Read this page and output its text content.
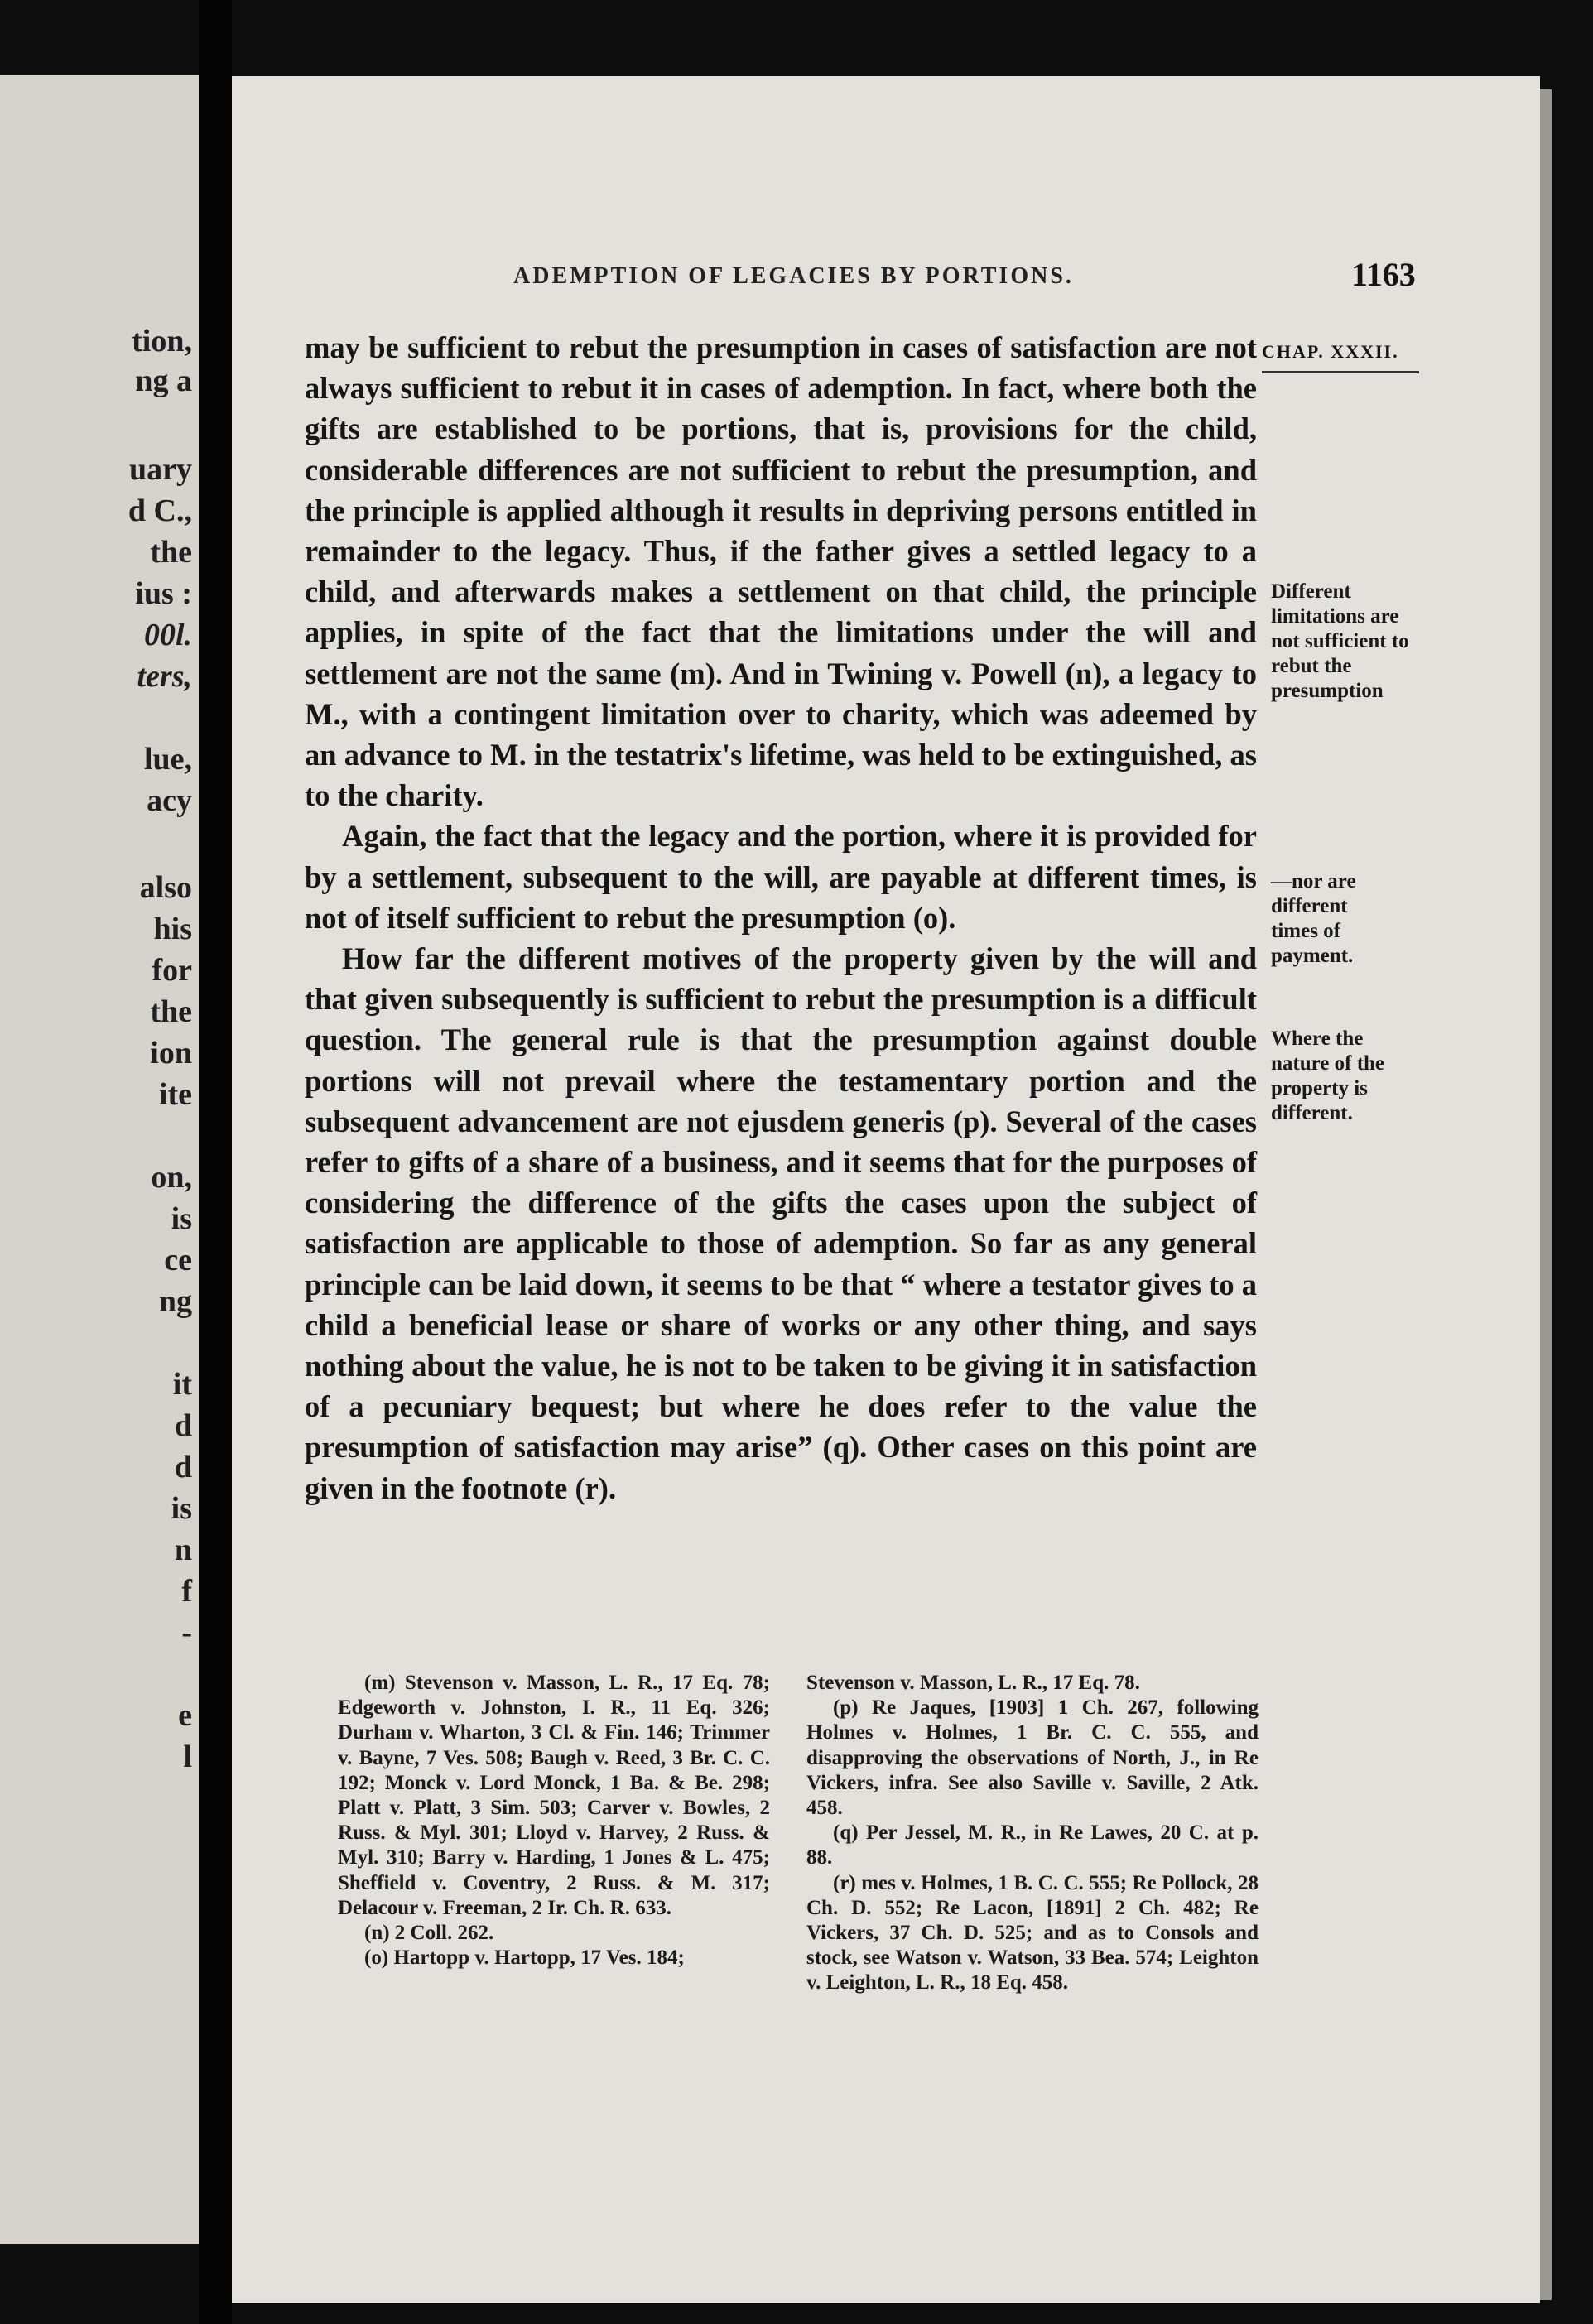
tion,
ng a
uary
d C.,
the
ius :
00l.
ters,
lue,
acy
also
his
for
the
ion
ite
on,
is
ce
ng
it
d
d
is
n
f
-
e
l
ADEMPTION OF LEGACIES BY PORTIONS.	1163
CHAP. XXXII.

may be sufficient to rebut the presumption in cases of satisfaction are not always sufficient to rebut it in cases of ademption. In fact, where both the gifts are established to be portions, that is, provisions for the child, considerable differences are not sufficient to rebut the presumption, and the principle is applied although it results in depriving persons entitled in remainder to the legacy. Thus, if the father gives a settled legacy to a child, and afterwards makes a settlement on that child, the principle applies, in spite of the fact that the limitations under the will and settlement are not the same (m). And in Twining v. Powell (n), a legacy to M., with a contingent limitation over to charity, which was adeemed by an advance to M. in the testatrix's lifetime, was held to be extinguished, as to the charity.

Again, the fact that the legacy and the portion, where it is provided for by a settlement, subsequent to the will, are payable at different times, is not of itself sufficient to rebut the presumption (o).

How far the different motives of the property given by the will and that given subsequently is sufficient to rebut the presumption is a difficult question. The general rule is that the presumption against double portions will not prevail where the testamentary portion and the subsequent advancement are not ejusdem generis (p). Several of the cases refer to gifts of a share of a business, and it seems that for the purposes of considering the difference of the gifts the cases upon the subject of satisfaction are applicable to those of ademption. So far as any general principle can be laid down, it seems to be that “ where a testator gives to a child a beneficial lease or share of works or any other thing, and says nothing about the value, he is not to be taken to be giving it in satisfaction of a pecuniary bequest; but where he does refer to the value the presumption of satisfaction may arise” (q). Other cases on this point are given in the footnote (r).

Different limitations are not sufficient to rebut the presumption
—nor are different times of payment.
Where the nature of the property is different.

(m) Stevenson v. Masson, L. R., 17 Eq. 78; Edgeworth v. Johnston, I. R., 11 Eq. 326; Durham v. Wharton, 3 Cl. & Fin. 146; Trimmer v. Bayne, 7 Ves. 508; Baugh v. Reed, 3 Br. C. C. 192; Monck v. Lord Monck, 1 Ba. & Be. 298; Platt v. Platt, 3 Sim. 503; Carver v. Bowles, 2 Russ. & Myl. 301; Lloyd v. Harvey, 2 Russ. & Myl. 310; Barry v. Harding, 1 Jones & L. 475; Sheffield v. Coventry, 2 Russ. & M. 317; Delacour v. Freeman, 2 Ir. Ch. R. 633.

(n) 2 Coll. 262.

(o) Hartopp v. Hartopp, 17 Ves. 184;

Stevenson v. Masson, L. R., 17 Eq. 78.

(p) Re Jaques, [1903] 1 Ch. 267, following Holmes v. Holmes, 1 Br. C. C. 555, and disapproving the observations of North, J., in Re Vickers, infra. See also Saville v. Saville, 2 Atk. 458.

(q) Per Jessel, M. R., in Re Lawes, 20 C. at p. 88.

(r) mes v. Holmes, 1 B. C. C. 555; Re Pollock, 28 Ch. D. 552; Re Lacon, [1891] 2 Ch. 482; Re Vickers, 37 Ch. D. 525; and as to Consols and stock, see Watson v. Watson, 33 Bea. 574; Leighton v. Leighton, L. R., 18 Eq. 458.
